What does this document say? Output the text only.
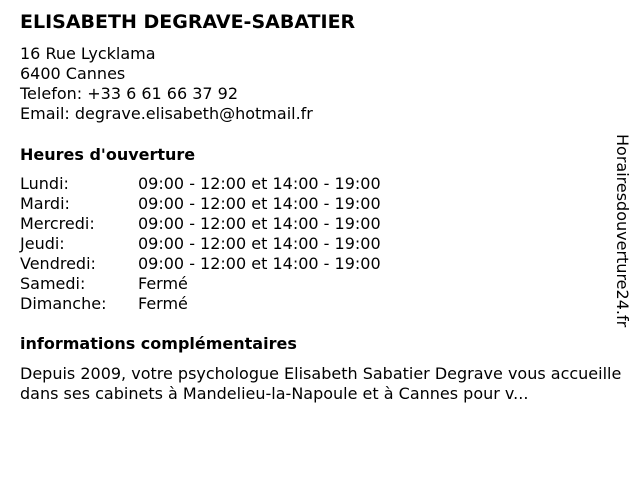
ELISABETH DEGRAVE-SABATIER
16 Rue Lycklama
6400 Cannes
Telefon: +33 6 61 66 37 92
Email: degrave.elisabeth@hotmail.fr
Heures d'ouverture
Lundi:	09:00 - 12:00 et 14:00 - 19:00
Mardi:	09:00 - 12:00 et 14:00 - 19:00
Mercredi:	09:00 - 12:00 et 14:00 - 19:00
Jeudi:	09:00 - 12:00 et 14:00 - 19:00
Vendredi:	09:00 - 12:00 et 14:00 - 19:00
Samedi:	Fermé
Dimanche: Fermé
informations complémentaires

Depuis 2009, votre psychologue Elisabeth Sabatier Degrave vous accueille dans ses cabinets à Mandelieu-la-Napoule et à Cannes pour v...

Horairesdouverture24.fr
